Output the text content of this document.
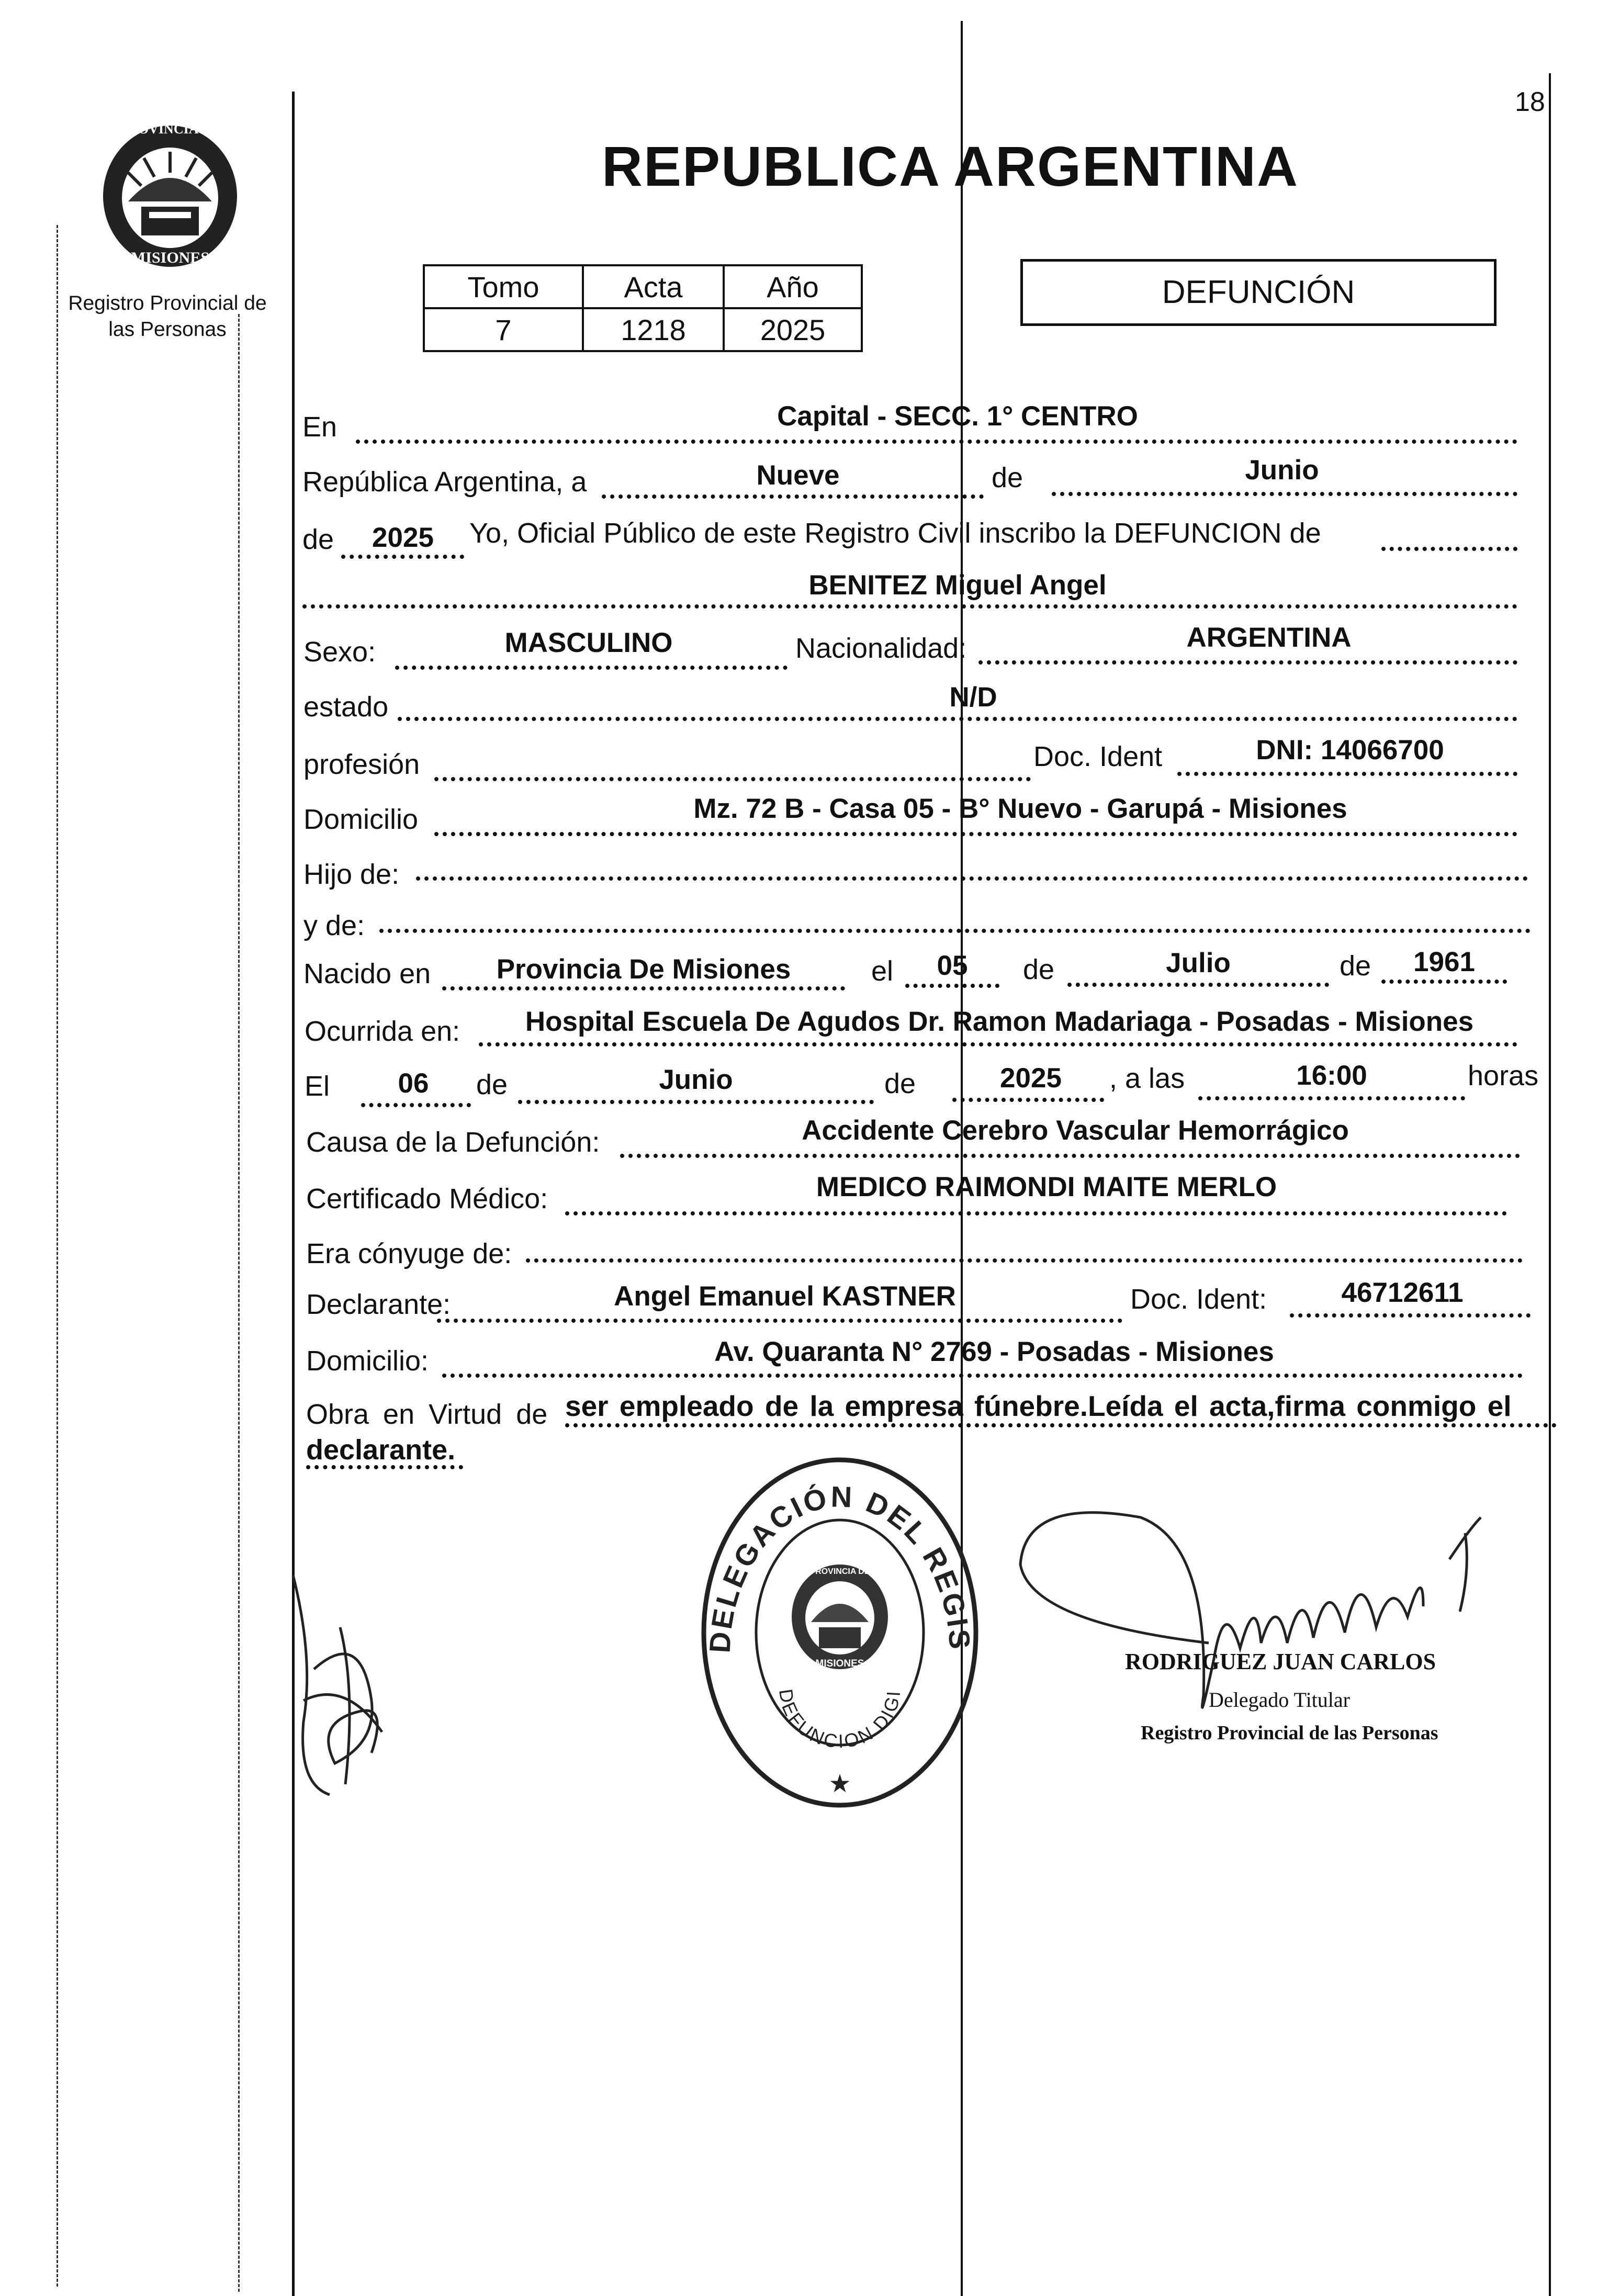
18
PROVINCIA DE
MISIONES
Registro Provincial de
las Personas
REPUBLICA ARGENTINA
Tomo	Acta	Año
7	1218	2025
DEFUNCIÓN
En	Capital - SECC. 1° CENTRO
República Argentina, a	Nueve	de	Junio
de	2025	Yo, Oficial Público de este Registro Civil inscribo la DEFUNCION de
BENITEZ Miguel Angel
Sexo:	MASCULINO	Nacionalidad:	ARGENTINA
estado	N/D
profesión	Doc. Ident	DNI: 14066700
Domicilio	Mz. 72 B - Casa 05 - B° Nuevo - Garupá - Misiones
Hijo de:
y de:
Nacido en	Provincia De Misiones	el	05	de	Julio	de	1961
Ocurrida en:	Hospital Escuela De Agudos Dr. Ramon Madariaga - Posadas - Misiones
El	06	de	Junio	de	2025	, a las	16:00	horas
Causa de la Defunción:	Accidente Cerebro Vascular Hemorrágico
Certificado Médico:	MEDICO RAIMONDI MAITE MERLO
Era cónyuge de:
Declarante:	Angel Emanuel KASTNER	Doc. Ident:	46712611
Domicilio:	Av. Quaranta N° 2769 - Posadas - Misiones
Obra en Virtud de ser empleado de la empresa fúnebre.Leída el acta,firma conmigo el
declarante.
DELEGACIÓN DEL REGIS
DEFUNCION DIGI
PROVINCIA DE
MISIONES
★
RODRIGUEZ JUAN CARLOS
Delegado Titular
Registro Provincial de las Personas
